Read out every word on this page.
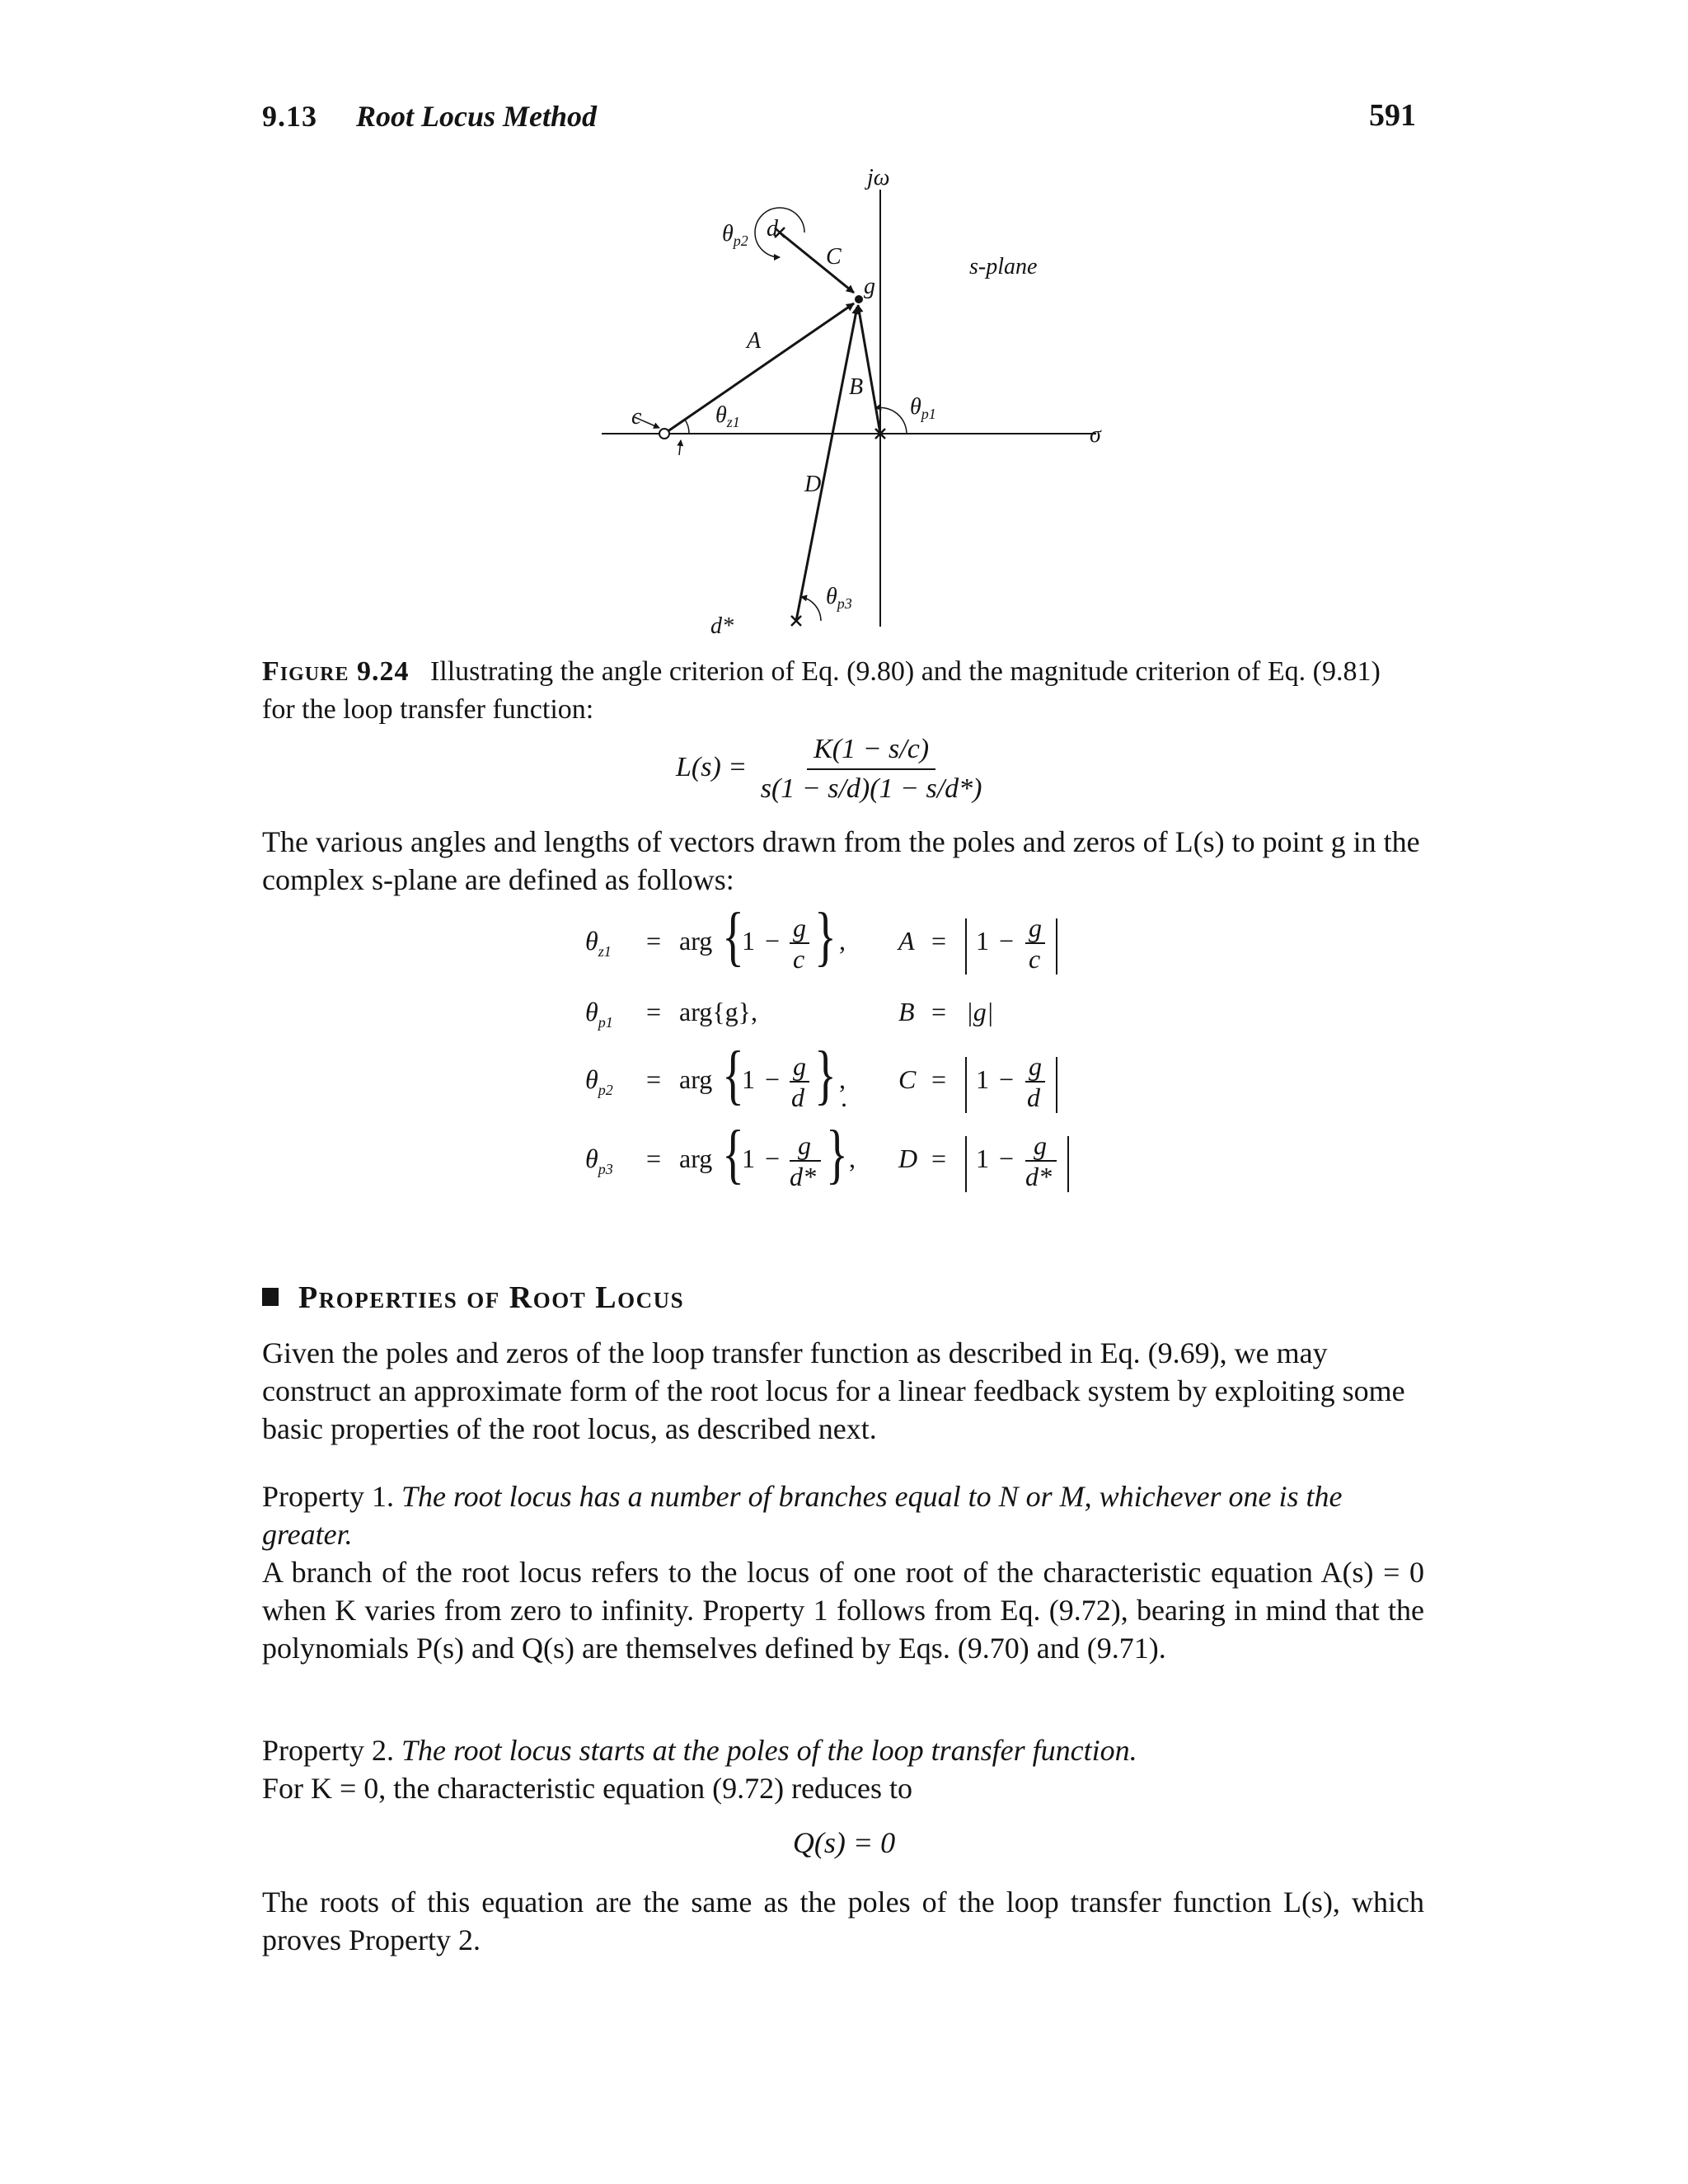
9.13 Root Locus Method	591
jω
s-plane
σ
g
c
d
d*
A
B
C
D
$\theta_{z1}$
$\theta_{p1}$
$\theta_{p2}$
$\theta_{p3}$
Figure 9.24 Illustrating the angle criterion of Eq. (9.80) and the magnitude criterion of Eq. (9.81) for the loop transfer function:
$L(s) = \frac{K(1 - s/c)}{s(1 - s/d)(1 - s/d*)}$
The various angles and lengths of vectors drawn from the poles and zeros of L(s) to point g in the complex s-plane are defined as follows:
$\theta_{z1}$ = arg {
1 − g
c } , A = 1 − g
c
$\theta_{p1} = arg\{g\}$,	B = |g|
$\theta_{p2}$ = arg {
1 − g
d } ,
.
C = 1 − g
d
$\theta_{p3}$ = arg {
1 − g
d* } , D = 1 − g
d*
Properties of Root Locus
Given the poles and zeros of the loop transfer function as described in Eq. (9.69), we may construct an approximate form of the root locus for a linear feedback system by exploiting some basic properties of the root locus, as described next.
Property 1. The root locus has a number of branches equal to N or M, whichever one is the greater.
A branch of the root locus refers to the locus of one root of the characteristic equation A(s) = 0 when K varies from zero to infinity. Property 1 follows from Eq. (9.72), bearing in mind that the polynomials P(s) and Q(s) are themselves defined by Eqs. (9.70) and (9.71).
Property 2. The root locus starts at the poles of the loop transfer function.
For K = 0, the characteristic equation (9.72) reduces to
Q(s) = 0
The roots of this equation are the same as the poles of the loop transfer function L(s), which proves Property 2.
